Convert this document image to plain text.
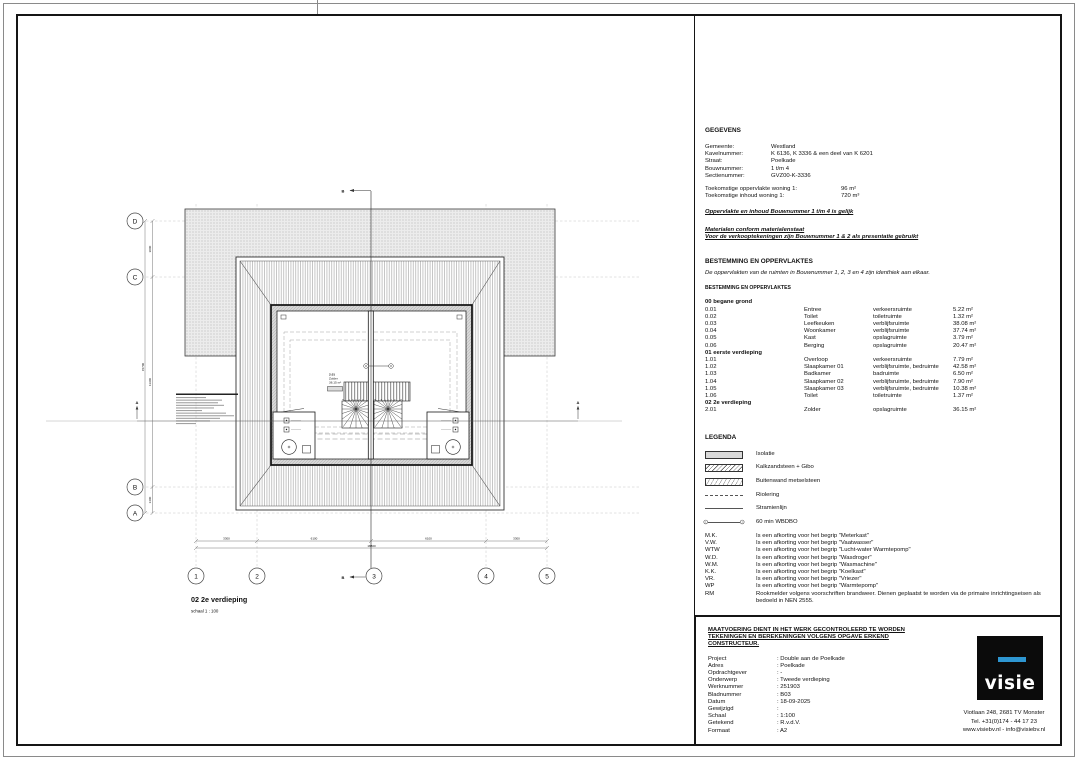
2.01
Zolder
36.15 m²
A	A
B
B
3300	6100	6100	3300
18800
3000
11300
1400
15700
1	2	3	4	5
D
C
B
A
02 2e verdieping
schaal 1 : 100
GEGEVENS
Gemeente:	Westland
Kavelnummer:	K 6136, K 3336 & een deel van K 6201
Straat:	Poelkade
Bouwnummer:	1 t/m 4
Sectienummer:	GVZ00-K-3336
Toekomstige oppervlakte woning 1:	96 m²
Toekomstige inhoud woning 1:	720 m³
Oppervlakte en inhoud Bouwnummer 1 t/m 4 is gelijk
Materialen conform materialenstaat
Voor de verkooptekeningen zijn Bouwnummer 1 & 2 als presentatie gebruikt
BESTEMMING EN OPPERVLAKTES
De oppervlakten van de ruimten in Bouwnummer 1, 2, 3 en 4 zijn identhiek aan elkaar.
BESTEMMING EN OPPERVLAKTES
00 begane grond
0.01	Entree	verkeersruimte	5.22 m²
0.02	Toilet	toiletruimte	1.32 m²
0.03	Leefkeuken	verblijfsruimte	38.08 m²
0.04	Woonkamer	verblijfsruimte	37.74 m²
0.05	Kast	opslagruimte	3.79 m²
0.06	Berging	opslagruimte	20.47 m²
01 eerste verdieping
1.01	Overloop	verkeersruimte	7.79 m²
1.02	Slaapkamer 01	verblijfsruimte, bedruimte	42.58 m²
1.03	Badkamer	badruimte	6.50 m²
1.04	Slaapkamer 02	verblijfsruimte, bedruimte	7.90 m²
1.05	Slaapkamer 03	verblijfsruimte, bedruimte	10.38 m²
1.06	Toilet	toiletruimte	1.37 m²
02 2e verdieping
2.01	Zolder	opslagruimte	36.15 m²
LEGENDA
Isolatie
Kalkzandsteen + Gibo
Buitenwand metselsteen
Riolering
Stramienlijn
⊙ ⊙
60 min WBDBO
M.K.	Is een afkorting voor het begrip "Meterkast"
V.W.	Is een afkorting voor het begrip "Vaatwasser"
WTW	Is een afkorting voor het begrip "Lucht-water Warmtepomp"
W.D.	Is een afkorting voor het begrip "Wasdroger"
W.M.	Is een afkorting voor het begrip "Wasmachine"
K.K.	Is een afkorting voor het begrip "Koelkast"
VR.	Is een afkorting voor het begrip "Vriezer"
WP	Is een afkorting voor het begrip "Warmtepomp"
RM	Rookmelder volgens voorschriften brandweer. Dienen geplaatst te worden via de primaire inrichtingseisen als bedoeld in NEN 2555.
MAATVOERING DIENT IN HET WERK GECONTROLEERD TE WORDEN
TEKENINGEN EN BEREKENINGEN VOLGENS OPGAVE ERKEND
CONSTRUCTEUR.
Project	: Double aan de Poelkade
Adres	: Poelkade
Opdrachtgever	: -
Onderwerp	: Tweede verdieping
Werknummer	: 251903
Bladnummer	: B03
Datum	: 18-09-2025
Gewijzigd	:
Schaal	: 1:100
Getekend	: R.v.d.V.
Formaat	: A2
visie
Viotlaan 248, 2681 TV Monster
Tel. +31(0)174 - 44 17 23
www.visiebv.nl - info@visiebv.nl
